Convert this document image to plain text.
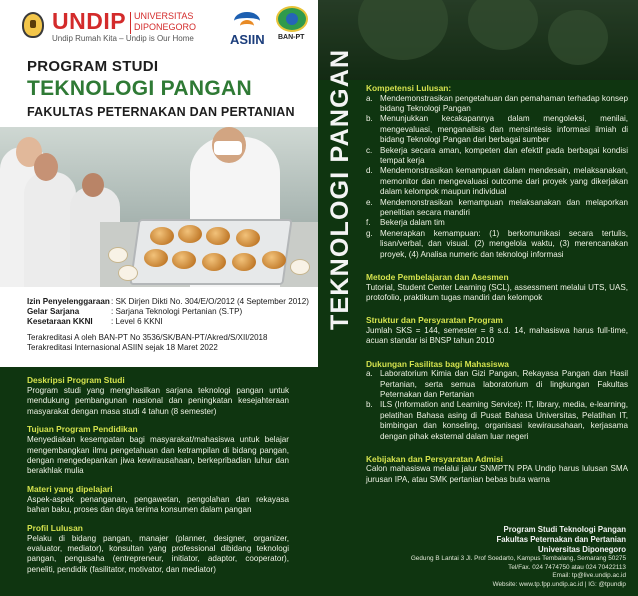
UNDIP UNIVERSITAS
DIPONEGORO
Undip Rumah Kita – Undip is Our Home	ASIIN BAN-PT
PROGRAM STUDI
TEKNOLOGI PANGAN
FAKULTAS PETERNAKAN DAN PERTANIAN
Izin Penyelenggaraan : SK Dirjen Dikti No. 304/E/O/2012 (4 September 2012)
Gelar Sarjana	: Sarjana Teknologi Pertanian (S.TP)
Kesetaraan KKNI	: Level 6 KKNI
Terakreditasi A oleh BAN-PT No 3536/SK/BAN-PT/Akred/S/XII/2018
Terakreditasi Internasional ASIIN sejak 18 Maret 2022
Deskripsi Program Studi
Program studi yang menghasilkan sarjana teknologi pangan untuk mendukung pembangunan nasional dan peningkatan kesejahteraan masyarakat dengan masa studi 4 tahun (8 semester)
Tujuan Program Pendidikan
Menyediakan kesempatan bagi masyarakat/mahasiswa untuk belajar mengembangkan ilmu pengetahuan dan ketrampilan di bidang pangan, dengan mengedepankan jiwa kewirausahaan, berkepribadian luhur dan berakhlak mulia
Materi yang dipelajari
Aspek-aspek penanganan, pengawetan, pengolahan dan rekayasa bahan baku, proses dan daya terima konsumen dalam pangan
Profil Lulusan
Pelaku di bidang pangan, manajer (planner, designer, organizer, evaluator, mediator), konsultan yang professional dibidang teknologi pangan, pengusaha (entrepreneur, initiator, adaptor, cooperator), peneliti, pendidik (fasilitator, motivator, dan mediator)
TEKNOLOGI PANGAN Kompetensi Lulusan:
a. Mendemonstrasikan pengetahuan dan pemahaman terhadap konsep bidang Teknologi Pangan
b. Menunjukkan kecakapannya dalam mengoleksi, menilai, mengevaluasi, menganalisis dan mensintesis informasi ilmiah di bidang Teknologi Pangan dari berbagai sumber
c. Bekerja secara aman, kompeten dan efektif pada berbagai kondisi tempat kerja
d. Mendemonstrasikan kemampuan dalam mendesain, melaksanakan, memonitor dan mengevaluasi outcome dari proyek yang dikerjakan dalam kelompok maupun individual
e. Mendemonstrasikan kemampuan melaksanakan dan melaporkan penelitian secara mandiri
f.	Bekerja dalam tim
g. Menerapkan kemampuan: (1) berkomunikasi secara tertulis, lisan/verbal, dan visual. (2) mengelola waktu, (3) merencanakan proyek, (4) Analisa numeric dan teknologi informasi
Metode Pembelajaran dan Asesmen
Tutorial, Student Center Learning (SCL), assessment melalui UTS, UAS, protofolio, praktikum tugas mandiri dan kelompok
Struktur dan Persyaratan Program
Jumlah SKS = 144, semester = 8 s.d. 14, mahasiswa harus full-time, acuan standar isi BNSP tahun 2010
Dukungan Fasilitas bagi Mahasiswa
a. Laboratorium Kimia dan Gizi Pangan, Rekayasa Pangan dan Hasil Pertanian, serta semua laboratorium di lingkungan Fakultas Peternakan dan Pertanian
b. ILS (Information and Learning Service): IT, library, media, e-learning, pelatihan Bahasa asing di Pusat Bahasa Universitas, Pelatihan IT, bimbingan dan konseling, organisasi kewirausahaan, kerjasama dengan pihak eksternal dalam luar negeri
Kebijakan dan Persyaratan Admisi
Calon mahasiswa melalui jalur SNMPTN PPA Undip harus lulusan SMA jurusan IPA, atau SMK pertanian bebas buta warna
Program Studi Teknologi Pangan
Fakultas Peternakan dan Pertanian
Universitas Diponegoro
Gedung B Lantai 3 Jl. Prof Soedarto, Kampus Tembalang, Semarang 50275
Tel/Fax. 024 7474750 atau 024 70422113
Email: tp@live.undip.ac.id
Website: www.tp.fpp.undip.ac.id | IG: @tpundip
